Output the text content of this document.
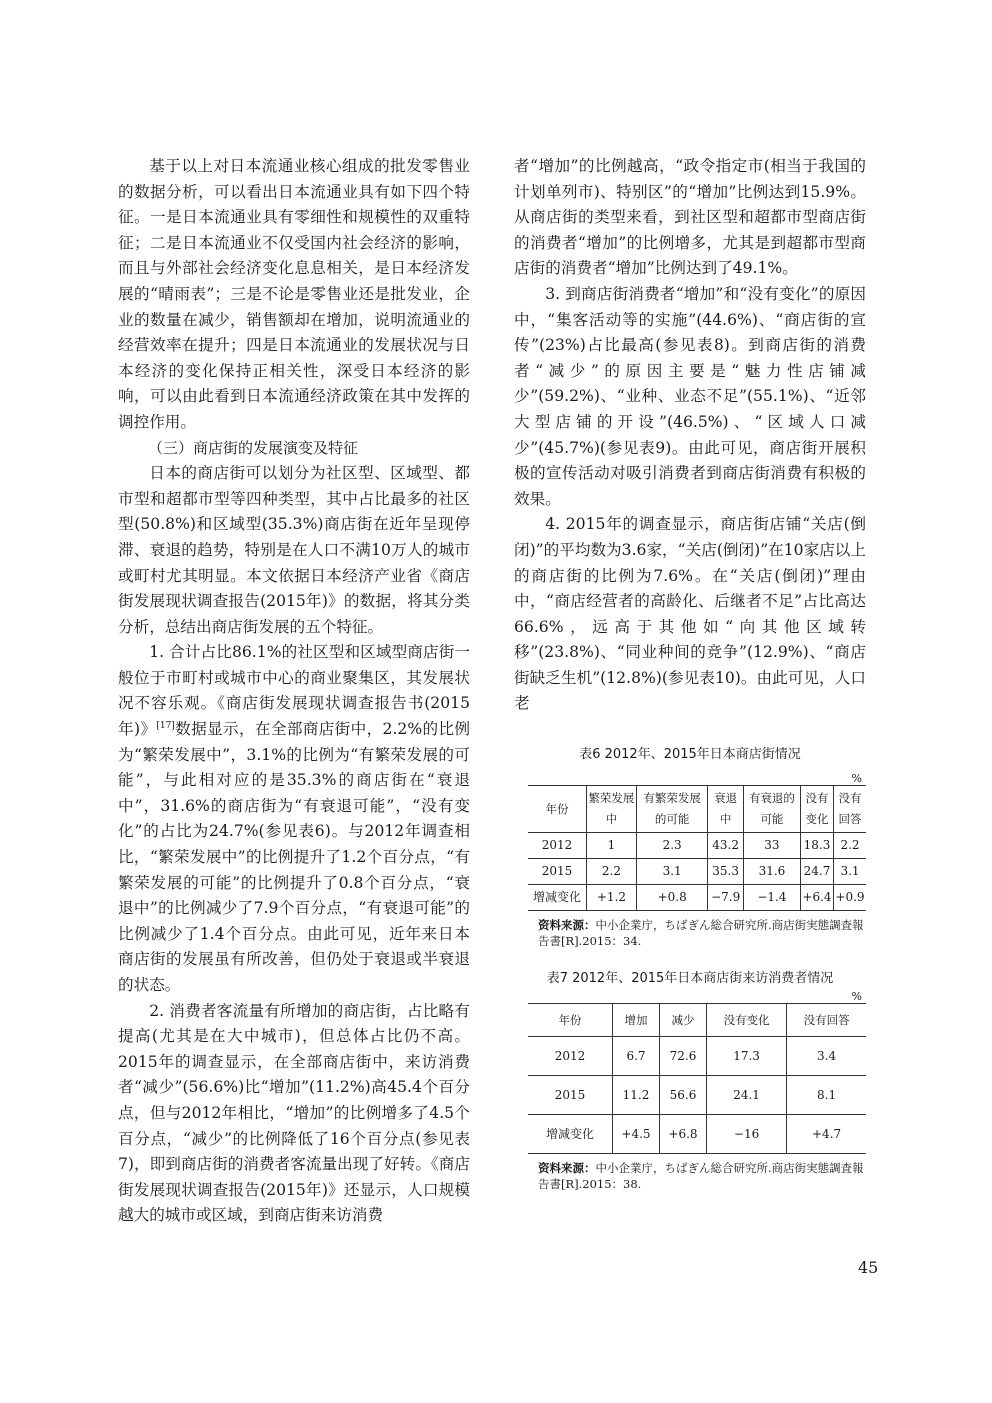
基于以上对日本流通业核心组成的批发零售业的数据分析，可以看出日本流通业具有如下四个特征。一是日本流通业具有零细性和规模性的双重特征；二是日本流通业不仅受国内社会经济的影响，而且与外部社会经济变化息息相关，是日本经济发展的“晴雨表”；三是不论是零售业还是批发业，企业的数量在减少，销售额却在增加，说明流通业的经营效率在提升；四是日本流通业的发展状况与日本经济的变化保持正相关性，深受日本经济的影响，可以由此看到日本流通经济政策在其中发挥的调控作用。

（三）商店街的发展演变及特征

日本的商店街可以划分为社区型、区域型、都市型和超都市型等四种类型，其中占比最多的社区型(50.8%)和区域型(35.3%)商店街在近年呈现停滞、衰退的趋势，特别是在人口不满10万人的城市或町村尤其明显。本文依据日本经济产业省《商店街发展现状调查报告(2015年)》的数据，将其分类分析，总结出商店街发展的五个特征。

1. 合计占比86.1%的社区型和区域型商店街一般位于市町村或城市中心的商业聚集区，其发展状况不容乐观。《商店街发展现状调查报告书(2015年)》[17]数据显示，在全部商店街中，2.2%的比例为“繁荣发展中”，3.1%的比例为“有繁荣发展的可能”，与此相对应的是35.3%的商店街在“衰退中”，31.6%的商店街为“有衰退可能”，“没有变化”的占比为24.7%(参见表6)。与2012年调查相比，“繁荣发展中”的比例提升了1.2个百分点，“有繁荣发展的可能”的比例提升了0.8个百分点，“衰退中”的比例减少了7.9个百分点，“有衰退可能”的比例减少了1.4个百分点。由此可见，近年来日本商店街的发展虽有所改善，但仍处于衰退或半衰退的状态。

2. 消费者客流量有所增加的商店街，占比略有提高(尤其是在大中城市)，但总体占比仍不高。2015年的调查显示，在全部商店街中，来访消费者“减少”(56.6%)比“增加”(11.2%)高45.4个百分点，但与2012年相比，“增加”的比例增多了4.5个百分点，“减少”的比例降低了16个百分点(参见表7)，即到商店街的消费者客流量出现了好转。《商店街发展现状调查报告(2015年)》还显示，人口规模越大的城市或区域，到商店街来访消费

者“增加”的比例越高，“政令指定市(相当于我国的计划单列市)、特别区”的“增加”比例达到15.9%。从商店街的类型来看，到社区型和超都市型商店街的消费者“增加”的比例增多，尤其是到超都市型商店街的消费者“增加”比例达到了49.1%。

3. 到商店街消费者“增加”和“没有变化”的原因中，“集客活动等的实施”(44.6%)、“商店街的宣传”(23%)占比最高(参见表8)。到商店街的消费者“减少”的原因主要是“魅力性店铺减少”(59.2%)、“业种、业态不足”(55.1%)、“近邻大型店铺的开设”(46.5%)、“区域人口减少”(45.7%)(参见表9)。由此可见，商店街开展积极的宣传活动对吸引消费者到商店街消费有积极的效果。

4. 2015年的调查显示，商店街店铺“关店(倒闭)”的平均数为3.6家，“关店(倒闭)”在10家店以上的商店街的比例为7.6%。在“关店(倒闭)”理由中，“商店经营者的高龄化、后继者不足”占比高达66.6%，远高于其他如“向其他区域转移”(23.8%)、“同业种间的竞争”(12.9%)、“商店街缺乏生机”(12.8%)(参见表10)。由此可见，人口老

表6 2012年、2015年日本商店街情况

%

年份	繁荣发展中	有繁荣发展的可能	衰退中	有衰退的可能	没有变化	没有回答
2012	1	2.3	43.2	33	18.3	2.2
2015	2.2	3.1	35.3	31.6	24.7	3.1
增减变化	+1.2	+0.8	−7.9	−1.4	+6.4	+0.9

资料来源：中小企業庁，ちばぎん総合研究所.商店街実態調査報告書[R].2015：34.

表7 2012年、2015年日本商店街来访消费者情况

%

年份	增加	减少	没有变化	没有回答
2012	6.7	72.6	17.3	3.4
2015	11.2	56.6	24.1	8.1
增减变化	+4.5	+6.8	−16	+4.7

资料来源：中小企業庁，ちばぎん総合研究所.商店街実態調査報告書[R].2015：38.

45
